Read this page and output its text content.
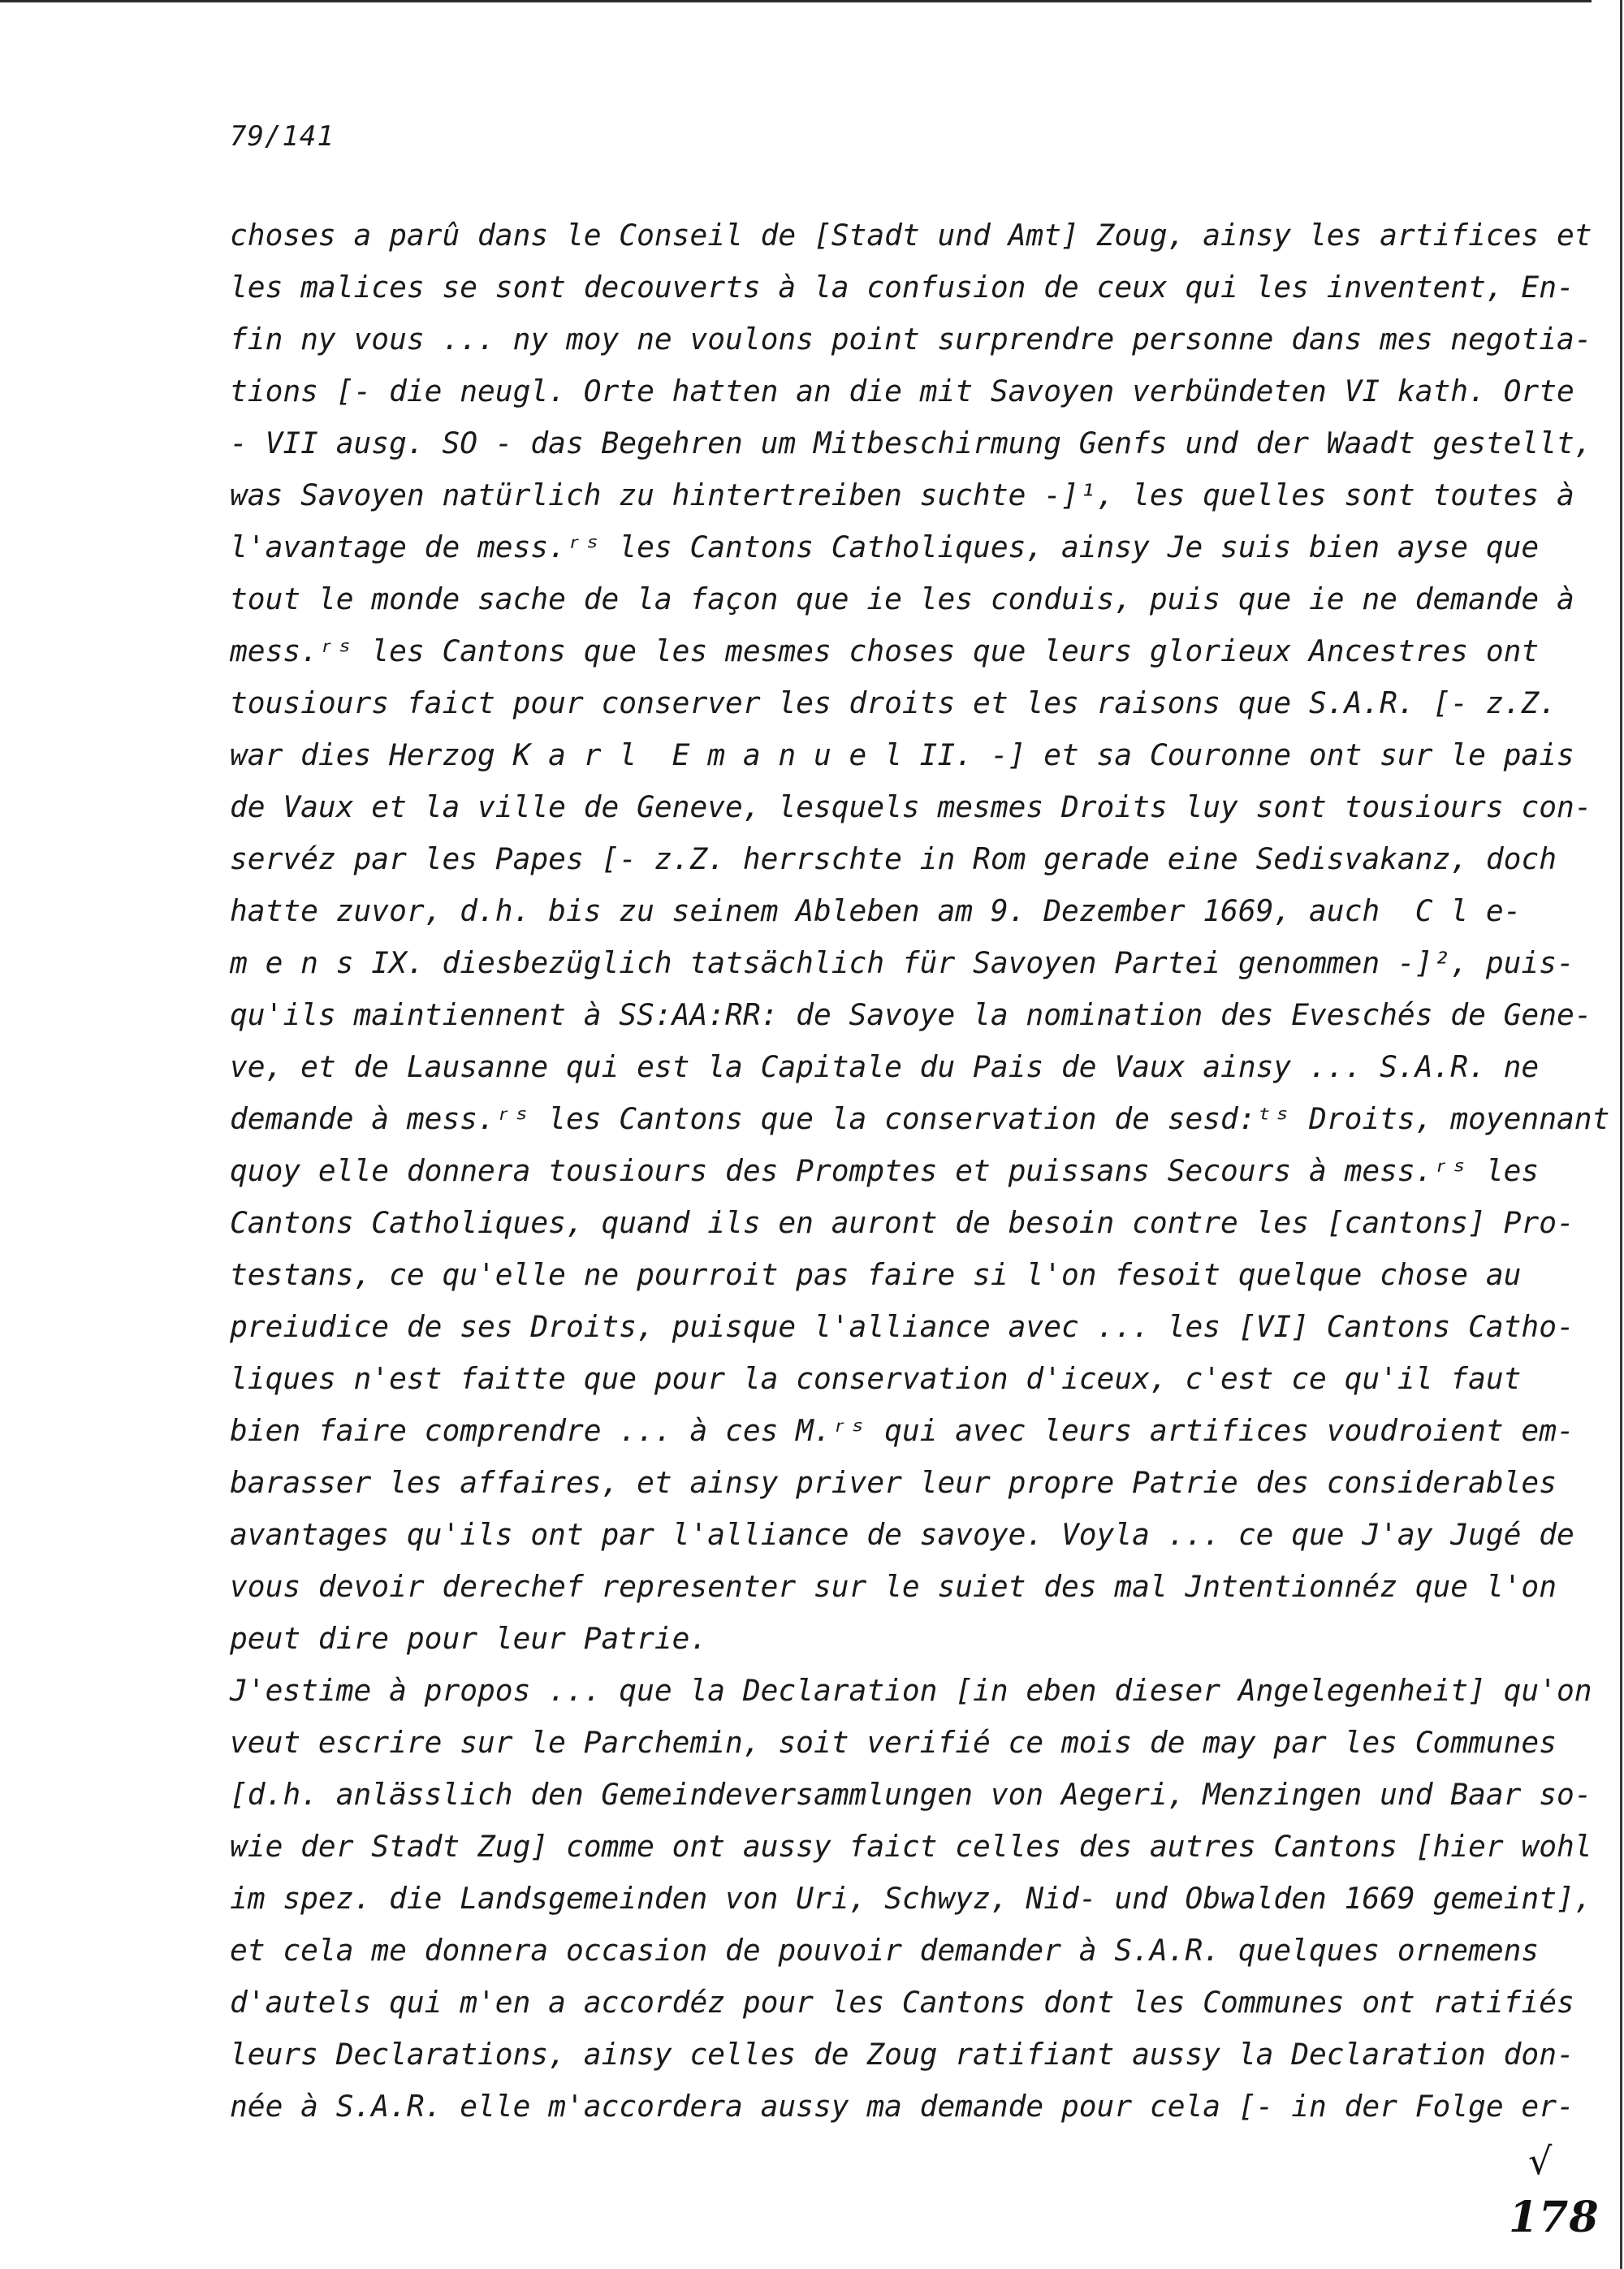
79/141
choses a parû dans le Conseil de [Stadt und Amt] Zoug, ainsy les artifices et
les malices se sont decouverts à la confusion de ceux qui les inventent, En-
fin ny vous ... ny moy ne voulons point surprendre personne dans mes negotia-
tions [- die neugl. Orte hatten an die mit Savoyen verbündeten VI kath. Orte
- VII ausg. SO - das Begehren um Mitbeschirmung Genfs und der Waadt gestellt,
was Savoyen natürlich zu hintertreiben suchte -]¹, les quelles sont toutes à
l'avantage de mess.ʳˢ les Cantons Catholiques, ainsy Je suis bien ayse que
tout le monde sache de la façon que ie les conduis, puis que ie ne demande à
mess.ʳˢ les Cantons que les mesmes choses que leurs glorieux Ancestres ont
tousiours faict pour conserver les droits et les raisons que S.A.R. [- z.Z.
war dies Herzog K a r l  E m a n u e l II. -] et sa Couronne ont sur le pais
de Vaux et la ville de Geneve, lesquels mesmes Droits luy sont tousiours con-
servéz par les Papes [- z.Z. herrschte in Rom gerade eine Sedisvakanz, doch
hatte zuvor, d.h. bis zu seinem Ableben am 9. Dezember 1669, auch  C l e-
m e n s IX. diesbezüglich tatsächlich für Savoyen Partei genommen -]², puis-
qu'ils maintiennent à SS:AA:RR: de Savoye la nomination des Eveschés de Gene-
ve, et de Lausanne qui est la Capitale du Pais de Vaux ainsy ... S.A.R. ne
demande à mess.ʳˢ les Cantons que la conservation de sesd:ᵗˢ Droits, moyennant
quoy elle donnera tousiours des Promptes et puissans Secours à mess.ʳˢ les
Cantons Catholiques, quand ils en auront de besoin contre les [cantons] Pro-
testans, ce qu'elle ne pourroit pas faire si l'on fesoit quelque chose au
preiudice de ses Droits, puisque l'alliance avec ... les [VI] Cantons Catho-
liques n'est faitte que pour la conservation d'iceux, c'est ce qu'il faut
bien faire comprendre ... à ces M.ʳˢ qui avec leurs artifices voudroient em-
barasser les affaires, et ainsy priver leur propre Patrie des considerables
avantages qu'ils ont par l'alliance de savoye. Voyla ... ce que J'ay Jugé de
vous devoir derechef representer sur le suiet des mal Jntentionnéz que l'on
peut dire pour leur Patrie.
J'estime à propos ... que la Declaration [in eben dieser Angelegenheit] qu'on
veut escrire sur le Parchemin, soit verifié ce mois de may par les Communes
[d.h. anlässlich den Gemeindeversammlungen von Aegeri, Menzingen und Baar so-
wie der Stadt Zug] comme ont aussy faict celles des autres Cantons [hier wohl
im spez. die Landsgemeinden von Uri, Schwyz, Nid- und Obwalden 1669 gemeint],
et cela me donnera occasion de pouvoir demander à S.A.R. quelques ornemens
d'autels qui m'en a accordéz pour les Cantons dont les Communes ont ratifiés
leurs Declarations, ainsy celles de Zoug ratifiant aussy la Declaration don-
née à S.A.R. elle m'accordera aussy ma demande pour cela [- in der Folge er-
√
178
